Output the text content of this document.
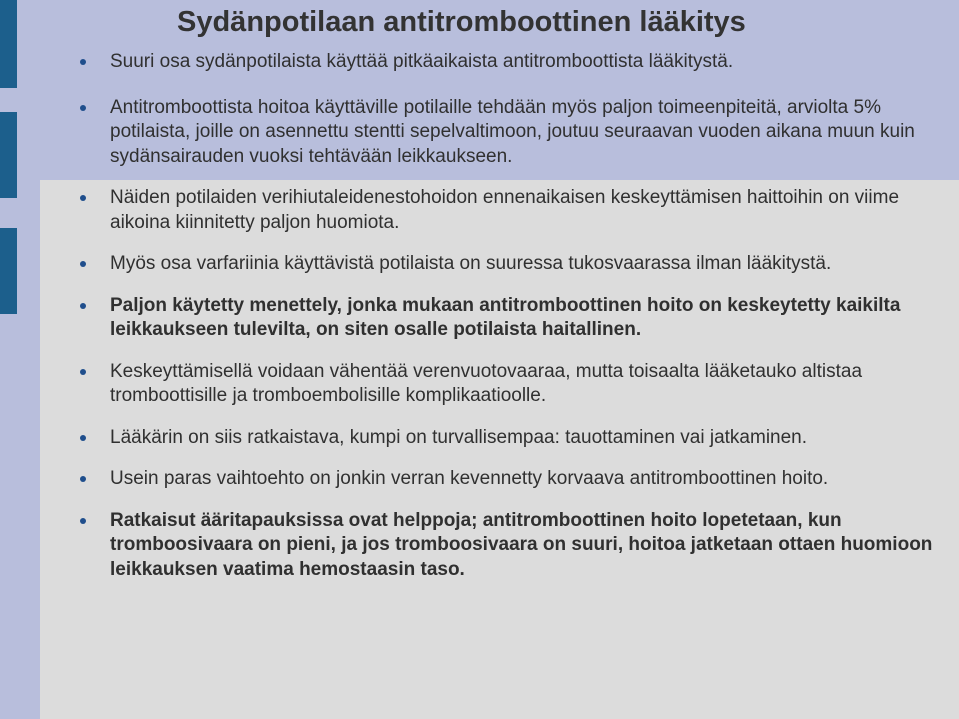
Sydänpotilaan antitromboottinen lääkitys
Suuri osa sydänpotilaista käyttää pitkäaikaista antitromboottista lääkitystä.
Antitromboottista hoitoa käyttäville potilaille tehdään myös paljon toimeenpiteitä, arviolta 5% potilaista, joille on asennettu stentti sepelvaltimoon, joutuu seuraavan vuoden aikana muun kuin sydänsairauden vuoksi tehtävään leikkaukseen.
Näiden potilaiden verihiutaleidenestohoidon ennenaikaisen keskeyttämisen haittoihin on viime aikoina kiinnitetty paljon huomiota.
Myös osa varfariinia käyttävistä potilaista on suuressa tukosvaarassa ilman lääkitystä.
Paljon käytetty menettely, jonka mukaan antitromboottinen hoito on keskeytetty kaikilta leikkaukseen tulevilta, on siten osalle potilaista haitallinen.
Keskeyttämisellä voidaan vähentää verenvuotovaaraa, mutta toisaalta lääketauko altistaa tromboottisille ja tromboembolisille komplikaatioolle.
Lääkärin on siis ratkaistava, kumpi on turvallisempaa: tauottaminen vai jatkaminen.
Usein paras vaihtoehto on jonkin verran kevennetty korvaava antitromboottinen hoito.
Ratkaisut ääritapauksissa ovat helppoja; antitromboottinen hoito lopetetaan, kun tromboosivaara on pieni, ja jos tromboosivaara on suuri, hoitoa jatketaan ottaen huomioon leikkauksen vaatima hemostaasin taso.
